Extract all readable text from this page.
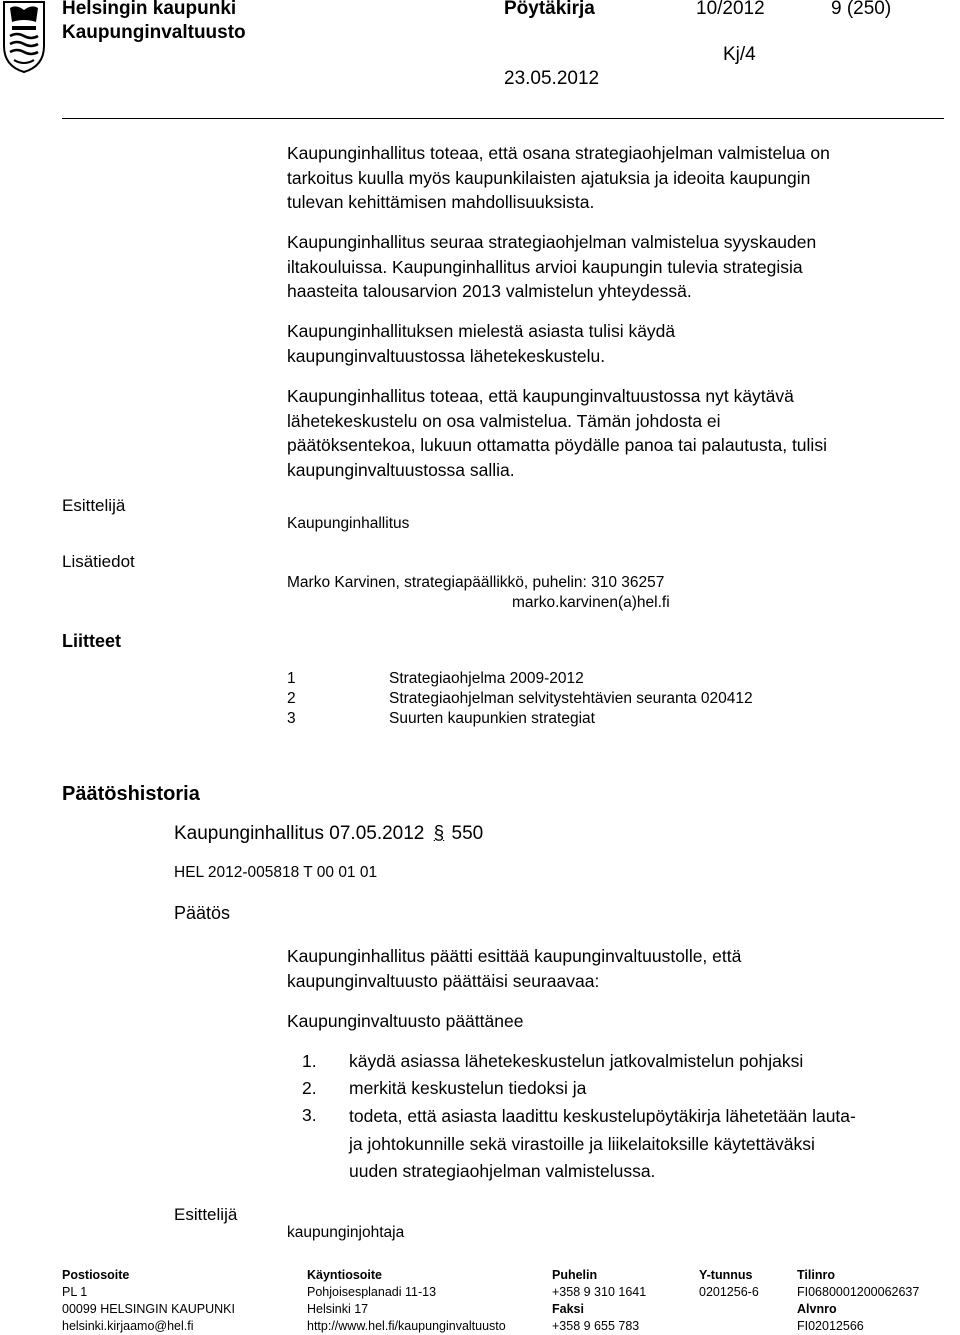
Helsingin kaupunki
Kaupunginvaltuusto
Pöytäkirja	10/2012	9 (250)
Kj/4
23.05.2012

Kaupunginhallitus toteaa, että osana strategiaohjelman valmistelua on

tarkoitus kuulla myös kaupunkilaisten ajatuksia ja ideoita kaupungin

tulevan kehittämisen mahdollisuuksista.

Kaupunginhallitus seuraa strategiaohjelman valmistelua syyskauden

iltakouluissa. Kaupunginhallitus arvioi kaupungin tulevia strategisia

haasteita talousarvion 2013 valmistelun yhteydessä.

Kaupunginhallituksen mielestä asiasta tulisi käydä

kaupunginvaltuustossa lähetekeskustelu.

Kaupunginhallitus toteaa, että kaupunginvaltuustossa nyt käytävä

lähetekeskustelu on osa valmistelua. Tämän johdosta ei

päätöksentekoa, lukuun ottamatta pöydälle panoa tai palautusta, tulisi

kaupunginvaltuustossa sallia.

Esittelijä
Kaupunginhallitus
Lisätiedot
Marko Karvinen, strategiapäällikkö, puhelin: 310 36257
marko.karvinen(a)hel.fi
Liitteet
1	Strategiaohjelma 2009-2012
2	Strategiaohjelman selvitystehtävien seuranta 020412
3	Suurten kaupunkien strategiat
Päätöshistoria
Kaupunginhallitus 07.05.2012 § 550
HEL 2012-005818 T 00 01 01
Päätös

Kaupunginhallitus päätti esittää kaupunginvaltuustolle, että

kaupunginvaltuusto päättäisi seuraavaa:

Kaupunginvaltuusto päättänee
1. käydä asiassa lähetekeskustelun jatkovalmistelun pohjaksi
2. merkitä keskustelun tiedoksi ja
3. todeta, että asiasta laadittu keskustelupöytäkirja lähetetään lauta-

ja johtokunnille sekä virastoille ja liikelaitoksille käytettäväksi

uuden strategiaohjelman valmistelussa.

Esittelijä
kaupunginjohtaja
Postiosoite
PL 1
00099 HELSINGIN KAUPUNKI
helsinki.kirjaamo@hel.fi
Käyntiosoite
Pohjoisesplanadi 11-13
Helsinki 17
http://www.hel.fi/kaupunginvaltuusto
Puhelin
+358 9 310 1641
Faksi
+358 9 655 783
Y-tunnus
0201256-6
Tilinro
FI0680001200062637
Alvnro
FI02012566
